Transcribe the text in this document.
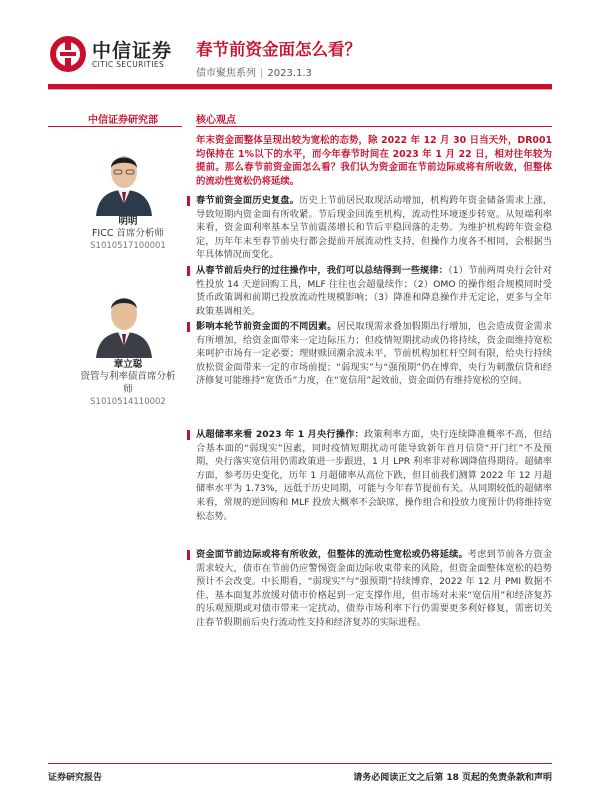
中信证券
CITIC SECURITIES
春节前资金面怎么看？
债市聚焦系列 | 2023.1.3
中信证券研究部	核心观点
明明
FICC 首席分析师
S1010517100001
章立聪
资管与利率债首席分析师
S1010514110002
年末资金面整体呈现出较为宽松的态势，除 2022 年 12 月 30 日当天外，DR001 均保持在 1%以下的水平，而今年春节时间在 2023 年 1 月 22 日，相对往年较为提前。那么春节前资金面怎么看？我们认为资金面在节前边际或将有所收敛，但整体的流动性宽松仍将延续。
春节前资金面历史复盘。历史上节前居民取现活动增加，机构跨年资金储备需求上涨，导致短期内资金面有所收紧。节后现金回流至机构，流动性环境逐步转宽。从短端利率来看，资金面利率基本呈节前震荡增长和节后平稳回落的走势。为维护机构跨年资金稳定，历年年末至春节前央行都会提前开展流动性支持，但操作力度各不相同，会根据当年具体情况而变化。
从春节前后央行的过往操作中，我们可以总结得到一些规律：（1）节前两周央行会针对性投放 14 天逆回购工具，MLF 往往也会超量续作；（2）OMO 的操作组合规模同时受货币政策调和前期已投放流动性规模影响；（3）降准和降息操作并无定论，更多与全年政策基调相关。
影响本轮节前资金面的不同因素。居民取现需求叠加假期出行增加，也会造成资金需求有所增加，给资金面带来一定边际压力；但疫情短期扰动或仍将持续，资金面维持宽松来呵护市场有一定必要；理财赎回潮余波未平，节前机构加杠杆空间有限，给央行持续放松资金面带来一定的市场前提；“弱现实”与“强预期”仍在博弈，央行为刺激信贷和经济修复可能维持“宽货币”力度，在“宽信用”起效前，资金面仍有维持宽松的空间。
从超储率来看 2023 年 1 月央行操作：政策利率方面，央行连续降准概率不高，但结合基本面的“弱现实”因素，同时疫情短期扰动可能导致新年首月信贷“开门红”不及预期，央行落实宽信用仍需政策进一步跟进，1 月 LPR 利率非对称调降值得期待。超储率方面，参考历史变化，历年 1 月超储率从高位下跌，但目前我们测算 2022 年 12 月超储率水平为 1.73%，远低于历史同期，可能与今年春节提前有关。从同期较低的超储率来看，常规的逆回购和 MLF 投放大概率不会缺席，操作组合和投放力度预计仍将维持宽松态势。
资金面节前边际或将有所收敛，但整体的流动性宽松或仍将延续。考虑到节前各方资金需求较大，债市在节前仍应警惕资金面边际收束带来的风险，但资金面整体宽松的趋势预计不会改变。中长期看，“弱现实”与“强预期”持续博弈，2022 年 12 月 PMI 数据不佳、基本面复苏放缓对债市价格起到一定支撑作用，但市场对未来“宽信用”和经济复苏的乐观预期或对债市带来一定扰动，债券市场利率下行仍需要更多利好修复，需密切关注春节假期前后央行流动性支持和经济复苏的实际进程。
证券研究报告	请务必阅读正文之后第 18 页起的免责条款和声明
